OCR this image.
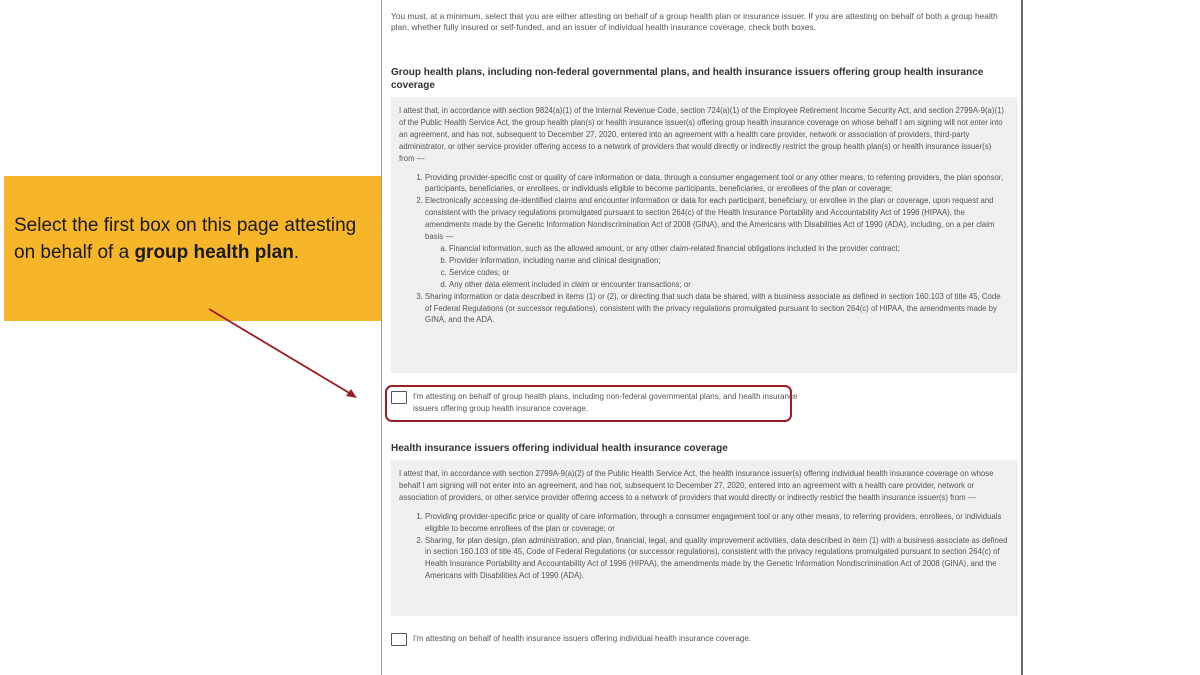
Select the first box on this page attesting on behalf of a group health plan.
You must, at a minimum, select that you are either attesting on behalf of a group health plan or insurance issuer. If you are attesting on behalf of both a group health plan, whether fully insured or self-funded, and an issuer of individual health insurance coverage, check both boxes.
Group health plans, including non-federal governmental plans, and health insurance issuers offering group health insurance coverage

I attest that, in accordance with section 9824(a)(1) of the Internal Revenue Code, section 724(a)(1) of the Employee Retirement Income Security Act, and section 2799A-9(a)(1) of the Public Health Service Act, the group health plan(s) or health insurance issuer(s) offering group health insurance coverage on whose behalf I am signing will not enter into an agreement, and has not, subsequent to December 27, 2020, entered into an agreement with a health care provider, network or association of providers, third-party administrator, or other service provider offering access to a network of providers that would directly or indirectly restrict the group health plan(s) or health insurance issuer(s) from —

1. Providing provider-specific cost or quality of care information or data, through a consumer engagement tool or any other means, to referring providers, the plan sponsor, participants, beneficiaries, or enrollees, or individuals eligible to become participants, beneficiaries, or enrollees of the plan or coverage;
2. Electronically accessing de-identified claims and encounter information or data for each participant, beneficiary, or enrollee in the plan or coverage, upon request and consistent with the privacy regulations promulgated pursuant to section 264(c) of the Health Insurance Portability and Accountability Act of 1996 (HIPAA), the amendments made by the Genetic Information Nondiscrimination Act of 2008 (GINA), and the Americans with Disabilities Act of 1990 (ADA), including, on a per claim basis —
a. Financial information, such as the allowed amount, or any other claim-related financial obligations included in the provider contract;
b. Provider information, including name and clinical designation;
c. Service codes; or
d. Any other data element included in claim or encounter transactions; or
3. Sharing information or data described in items (1) or (2), or directing that such data be shared, with a business associate as defined in section 160.103 of title 45, Code of Federal Regulations (or successor regulations), consistent with the privacy regulations promulgated pursuant to section 264(c) of HIPAA, the amendments made by GINA, and the ADA.
I'm attesting on behalf of group health plans, including non-federal governmental plans, and health insurance issuers offering group health insurance coverage.
Health insurance issuers offering individual health insurance coverage

I attest that, in accordance with section 2799A-9(a)(2) of the Public Health Service Act, the health insurance issuer(s) offering individual health insurance coverage on whose behalf I am signing will not enter into an agreement, and has not, subsequent to December 27, 2020, entered into an agreement with a health care provider, network or association of providers, or other service provider offering access to a network of providers that would directly or indirectly restrict the health insurance issuer(s) from —

1. Providing provider-specific price or quality of care information, through a consumer engagement tool or any other means, to referring providers, enrollees, or individuals eligible to become enrollees of the plan or coverage; or
2. Sharing, for plan design, plan administration, and plan, financial, legal, and quality improvement activities, data described in item (1) with a business associate as defined in section 160.103 of title 45, Code of Federal Regulations (or successor regulations), consistent with the privacy regulations promulgated pursuant to section 264(c) of Health Insurance Portability and Accountability Act of 1996 (HIPAA), the amendments made by the Genetic Information Nondiscrimination Act of 2008 (GINA), and the Americans with Disabilities Act of 1990 (ADA).
I'm attesting on behalf of health insurance issuers offering individual health insurance coverage.
